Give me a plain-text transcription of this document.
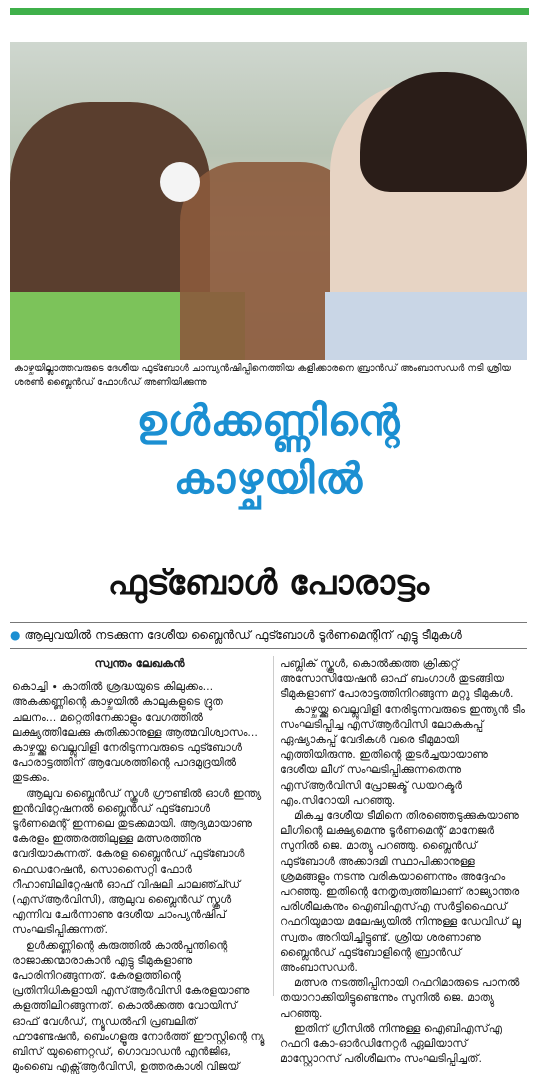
കാഴ്ചയില്ലാത്തവരുടെ ദേശീയ ഫുട്ബോൾ ചാമ്പ്യൻഷിപ്പിനെത്തിയ കളിക്കാരനെ ബ്രാൻഡ് അംബാസഡർ നടി ശ്രിയ ശരൺ ബ്ലൈൻഡ് ഫോൾഡ് അണിയിക്കുന്നു
ഉൾക്കണ്ണിന്റെ
കാഴ്ചയിൽ
ഫുട്ബോൾ പോരാട്ടം
● ആലുവയിൽ നടക്കുന്ന ദേശീയ ബ്ലൈൻഡ് ഫുട്ബോൾ ടൂർണമെന്റിന് എട്ടു ടീമുകൾ
സ്വന്തം ലേഖകൻ

കൊച്ചി ∙ കാതിൽ ശ്രദ്ധയുടെ കിലുക്കം... അകക്കണ്ണിന്റെ കാഴ്ചയിൽ കാലുകളുടെ ദ്രുത ചലനം... മറ്റെതിനേക്കാളും വേഗത്തിൽ ലക്ഷ്യത്തിലേക്കു കുതിക്കാനുള്ള ആത്മവിശ്വാസം... കാഴ്ചയ്ക്കു വെല്ലുവിളി നേരിടുന്നവരുടെ ഫുട്ബോൾ പോരാട്ടത്തിന് ആവേശത്തിന്റെ പാദമുദ്രയിൽ തുടക്കം.

ആലുവ ബ്ലൈൻഡ് സ്കൂൾ ഗ്രൗണ്ടിൽ ഓൾ ഇന്ത്യ ഇൻവിറ്റേഷനൽ ബ്ലൈൻഡ് ഫുട്ബോൾ ടൂർണമെന്റ് ഇന്നലെ തുടക്കമായി. ആദ്യമായാണു കേരളം ഇത്തരത്തിലുള്ള മത്സരത്തിനു വേദിയാകുന്നത്. കേരള ബ്ലൈൻഡ് ഫുട്ബോൾ ഫെഡറേഷൻ, സൊസൈറ്റി ഫോർ റീഹാബിലിറ്റേഷൻ ഓഫ് വിഷലി ചാലഞ്ച്ഡ് (എസ്ആർവിസി), ആലുവ ബ്ലൈൻഡ് സ്കൂൾ എന്നിവ ചേർന്നാണു ദേശീയ ചാംപ്യൻഷിപ് സംഘടിപ്പിക്കുന്നത്.

ഉൾക്കണ്ണിന്റെ കരുത്തിൽ കാൽപ്പന്തിന്റെ രാജാക്കന്മാരാകാൻ എട്ടു ടീമുകളാണു പോരിനിറങ്ങുന്നത്. കേരളത്തിന്റെ പ്രതിനിധികളായി എസ്ആർവിസി കേരളയാണു കളത്തിലിറങ്ങുന്നത്. കൊൽക്കത്ത വോയിസ് ഓഫ് വേൾഡ്, ന്യൂഡൽഹി പ്രബലിത് ഫൗണ്ടേഷൻ, ബെംഗളൂരു നോർത്ത് ഈസ്റ്റിന്റെ ന്യൂ ബിസ് യുണൈറ്റഡ്, ഗൊവാഡൻ എൻ‌ജിഒ, മുംബൈ എക്സ്ആർവിസി, ഉത്തരകാശി വിജയ്

പബ്ലിക് സ്കൂൾ, കൊൽക്കത്ത ക്രിക്കറ്റ് അസോസിയേഷൻ ഓഫ് ബംഗാൾ തുടങ്ങിയ ടീമുകളാണ് പോരാട്ടത്തിനിറങ്ങുന്ന മറ്റു ടീമുകൾ.

കാഴ്ചയ്ക്കു വെല്ലുവിളി നേരിടുന്നവരുടെ ഇന്ത്യൻ ടീം സംഘടിപ്പിച്ച എസ്ആർവിസി ലോകകപ്പ് ഏഷ്യാകപ്പ് വേദികൾ വരെ ടീമുമായി എത്തിയിരുന്നു. ഇതിന്റെ തുടർച്ചയായാണു ദേശീയ ലീഗ് സംഘടിപ്പിക്കുന്നതെന്നു എസ്ആർവിസി പ്രോജക്ട് ഡയറക്ടർ എം.സിറോയി പറഞ്ഞു.

മികച്ച ദേശീയ ടീമിനെ തിരഞ്ഞെടുക്കുകയാണു ലീഗിന്റെ ലക്ഷ്യമെന്നു ടൂർണമെന്റ് മാനേജർ സുനിൽ ജെ. മാത്യു പറഞ്ഞു. ബ്ലൈൻഡ് ഫുട്ബോൾ അക്കാദമി സ്ഥാപിക്കാനുള്ള ശ്രമങ്ങളും നടന്നു വരികയാണെന്നും അദ്ദേഹം പറഞ്ഞു. ഇതിന്റെ നേതൃത്വത്തിലാണ് രാജ്യാന്തര പരിശീലകനും ഐബിഎസ്എ സർട്ടിഫൈഡ് റഫറിയുമായ മലേഷ്യയിൽ നിന്നുള്ള ഡേവിഡ് ലൂ സ്വതം അറിയിച്ചിട്ടുണ്ട്. ശ്രിയ ശരണാണു ബ്ലൈൻഡ് ഫുട്ബോളിന്റെ ബ്രാൻഡ് അംബാസഡർ.

മത്സര നടത്തിപ്പിനായി റഫറിമാരുടെ പാനൽ തയാറാക്കിയിട്ടുണ്ടെന്നും സുനിൽ ജെ. മാത്യു പറഞ്ഞു.

ഇതിന് ഗ്രീസിൽ നിന്നുള്ള ഐബിഎസ്എ റഫറി കോ-ഓർഡിനേറ്റർ ഏലിയാസ് മാസ്റ്റോറസ് പരിശീലനം സംഘടിപ്പിച്ചത്.
